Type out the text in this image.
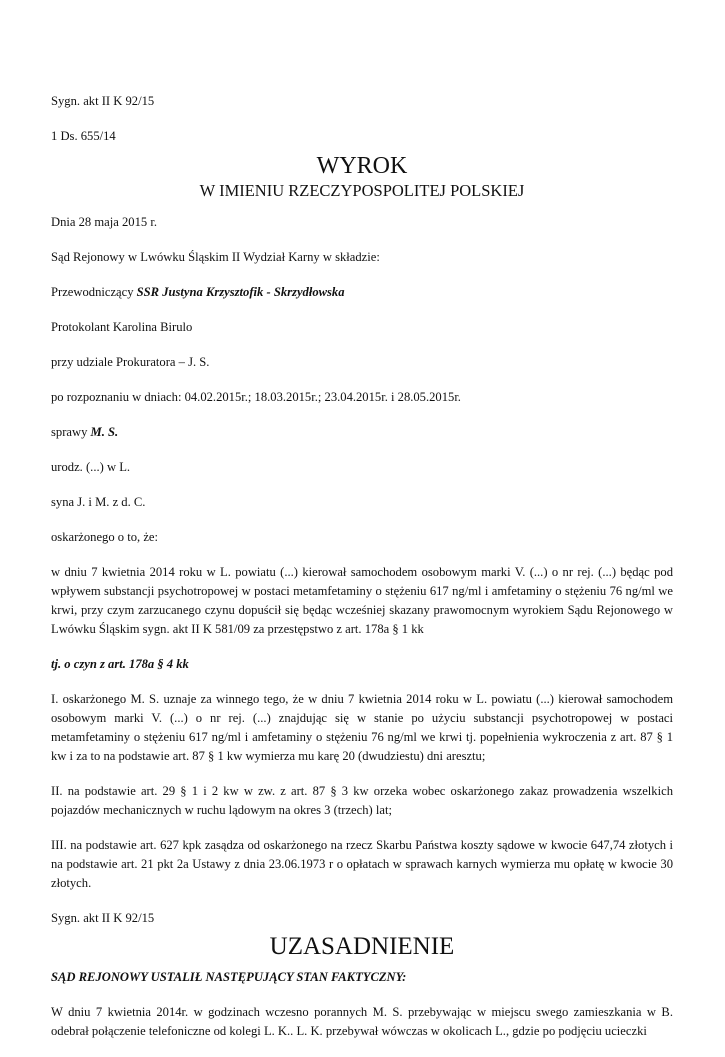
Sygn. akt II K 92/15

1 Ds. 655/14

WYROK
W IMIENIU RZECZYPOSPOLITEJ POLSKIEJ

Dnia 28 maja 2015 r.

Sąd Rejonowy w Lwówku Śląskim II Wydział Karny w składzie:

Przewodniczący SSR Justyna Krzysztofik - Skrzydłowska

Protokolant Karolina Birulo

przy udziale Prokuratora – J. S.

po rozpoznaniu w dniach: 04.02.2015r.; 18.03.2015r.; 23.04.2015r. i 28.05.2015r.

sprawy M. S.

urodz. (...) w L.

syna J. i M. z d. C.

oskarżonego o to, że:

w dniu 7 kwietnia 2014 roku w L. powiatu (...) kierował samochodem osobowym marki V. (...) o nr rej. (...) będąc pod wpływem substancji psychotropowej w postaci metamfetaminy o stężeniu 617 ng/ml i amfetaminy o stężeniu 76 ng/ml we krwi, przy czym zarzucanego czynu dopuścił się będąc wcześniej skazany prawomocnym wyrokiem Sądu Rejonowego w Lwówku Śląskim sygn. akt II K 581/09 za przestępstwo z art. 178a § 1 kk

tj. o czyn z art. 178a § 4 kk

I. oskarżonego M. S. uznaje za winnego tego, że w dniu 7 kwietnia 2014 roku w L. powiatu (...) kierował samochodem osobowym marki V. (...) o nr rej. (...) znajdując się w stanie po użyciu substancji psychotropowej w postaci metamfetaminy o stężeniu 617 ng/ml i amfetaminy o stężeniu 76 ng/ml we krwi tj. popełnienia wykroczenia z art. 87 § 1 kw i za to na podstawie art. 87 § 1 kw wymierza mu karę 20 (dwudziestu) dni aresztu;

II. na podstawie art. 29 § 1 i 2 kw w zw. z art. 87 § 3 kw orzeka wobec oskarżonego zakaz prowadzenia wszelkich pojazdów mechanicznych w ruchu lądowym na okres 3 (trzech) lat;

III. na podstawie art. 627 kpk zasądza od oskarżonego na rzecz Skarbu Państwa koszty sądowe w kwocie 647,74 złotych i na podstawie art. 21 pkt 2a Ustawy z dnia 23.06.1973 r o opłatach w sprawach karnych wymierza mu opłatę w kwocie 30 złotych.

Sygn. akt II K 92/15

UZASADNIENIE

SĄD REJONOWY USTALIŁ NASTĘPUJĄCY STAN FAKTYCZNY:

W dniu 7 kwietnia 2014r. w godzinach wczesno porannych M. S. przebywając w miejscu swego zamieszkania w B. odebrał połączenie telefoniczne od kolegi L. K.. L. K. przebywał wówczas w okolicach L., gdzie po podjęciu ucieczki
